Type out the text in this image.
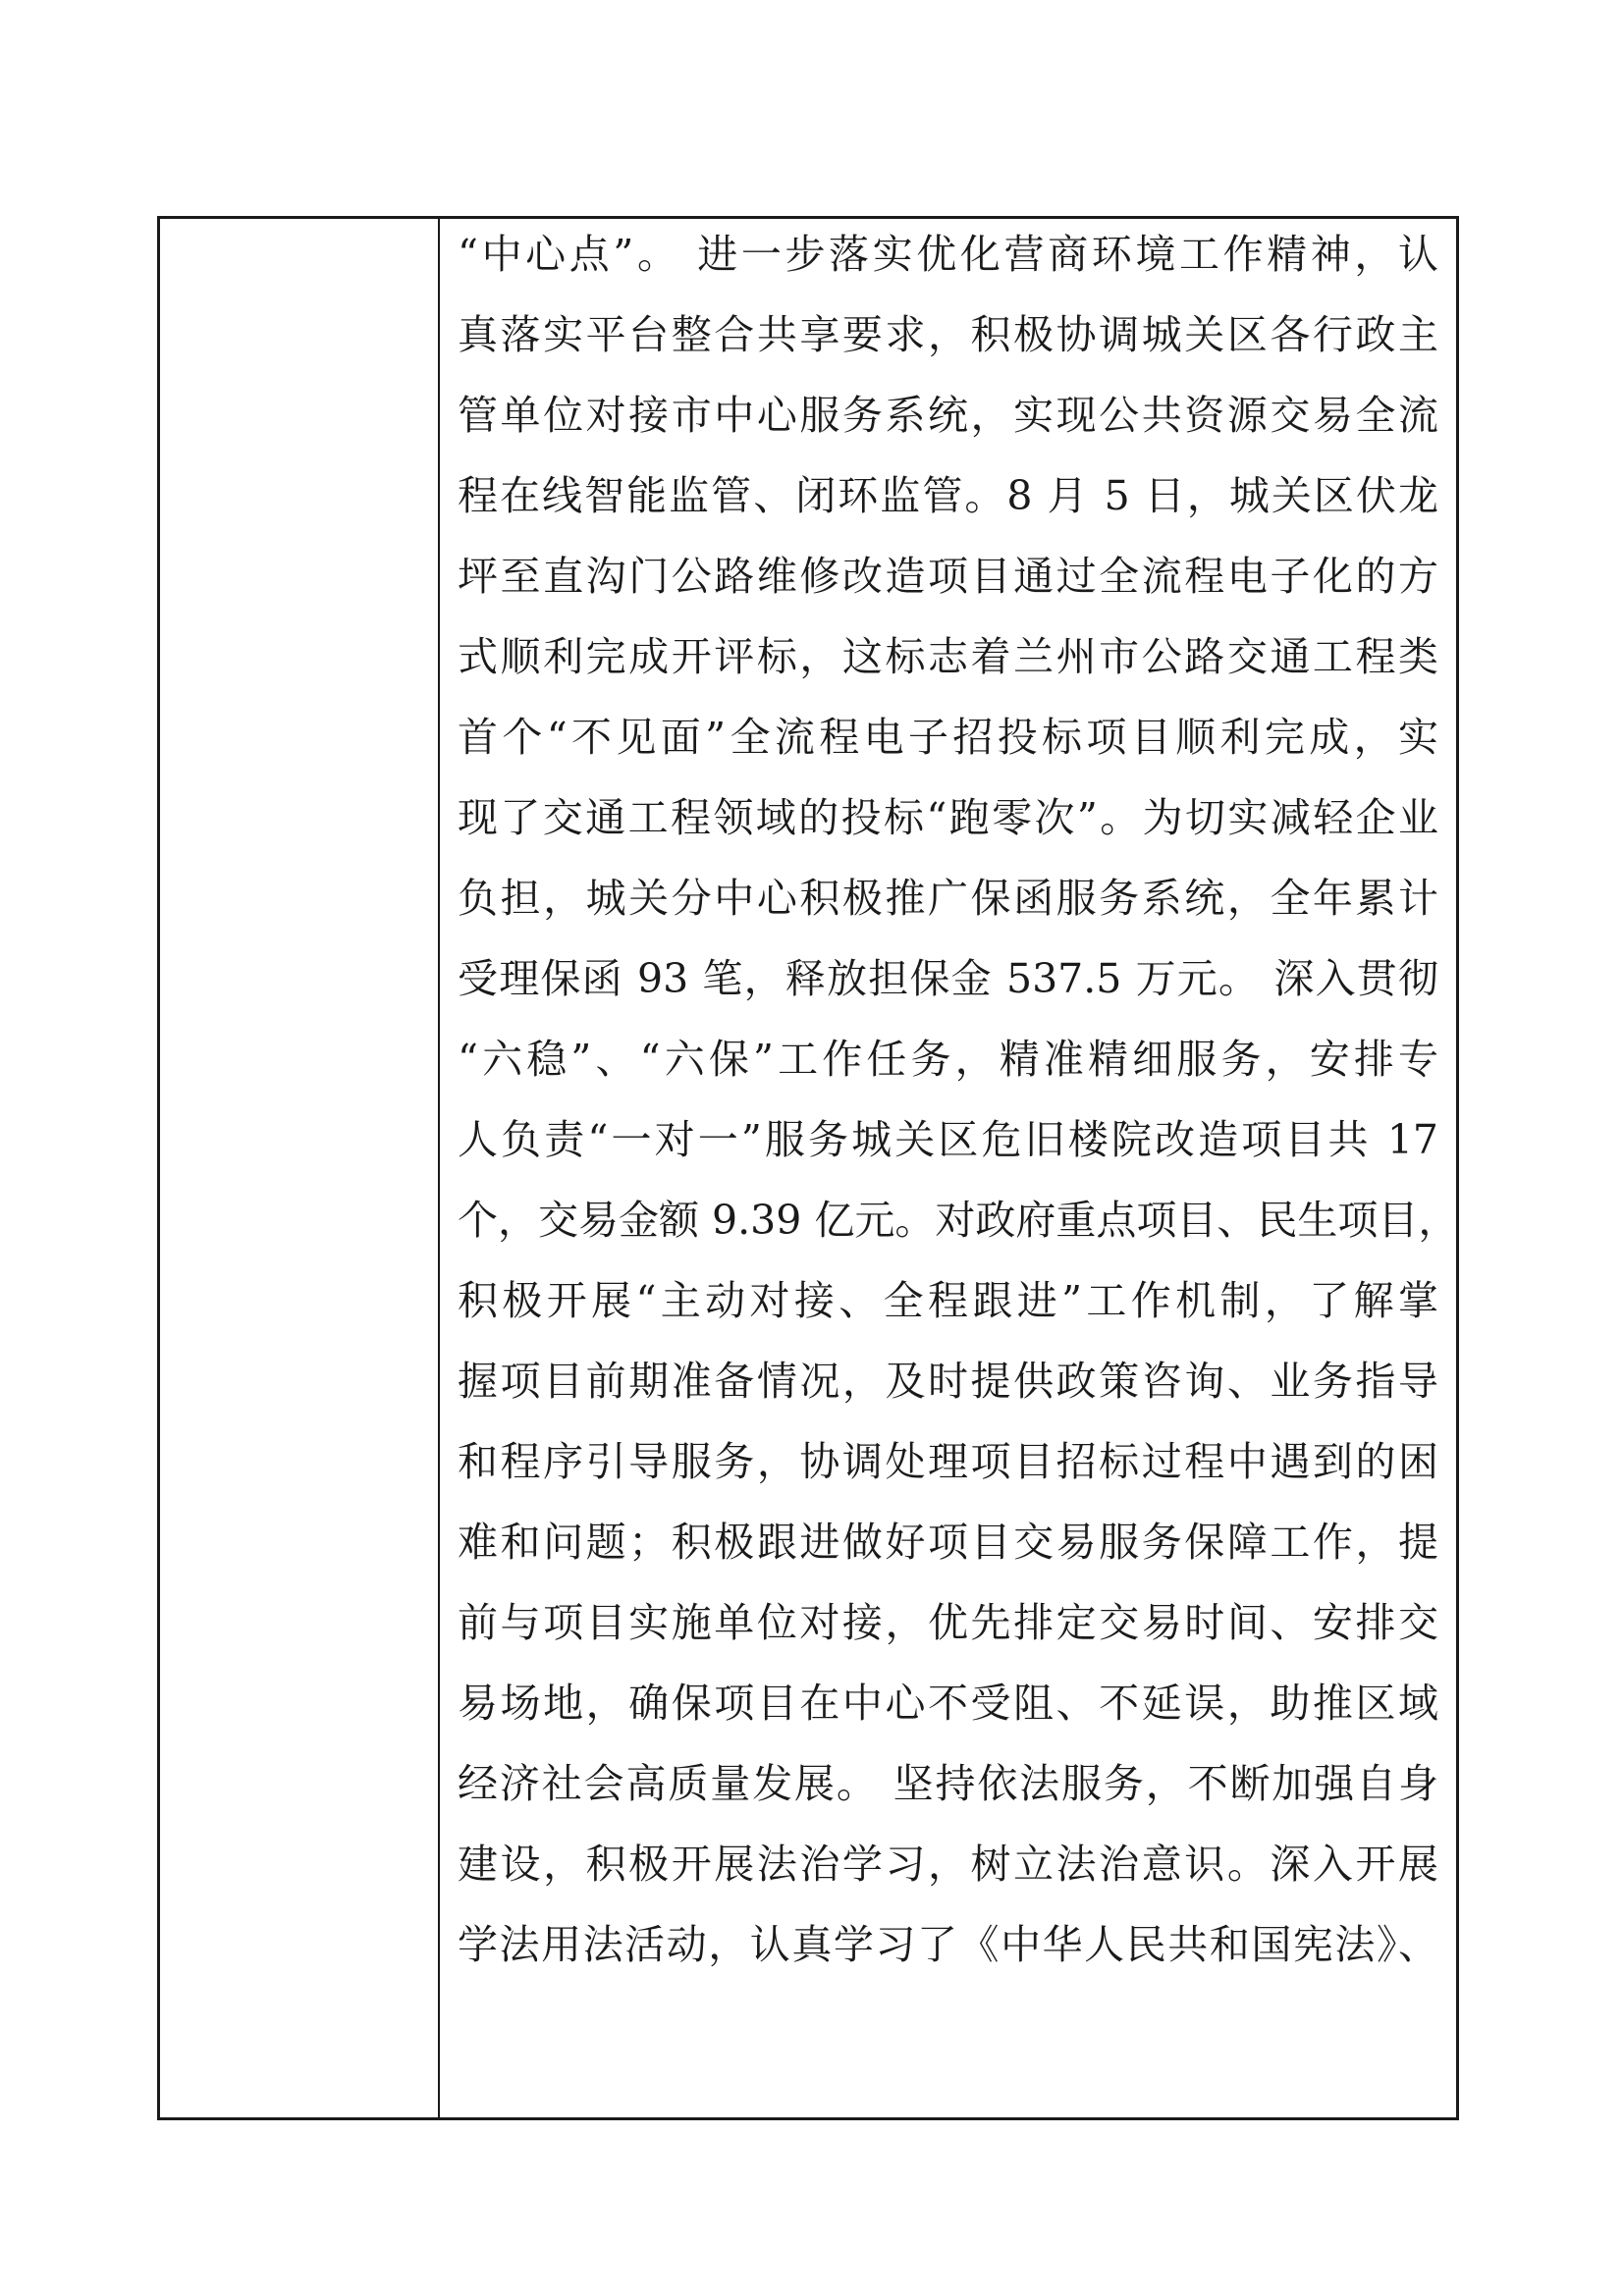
“中心点”。 进一步落实优化营商环境工作精神，认
真落实平台整合共享要求，积极协调城关区各行政主
管单位对接市中心服务系统，实现公共资源交易全流
程在线智能监管、闭环监管。8 月 5 日，城关区伏龙
坪至直沟门公路维修改造项目通过全流程电子化的方
式顺利完成开评标，这标志着兰州市公路交通工程类
首个“不见面”全流程电子招投标项目顺利完成，实
现了交通工程领域的投标“跑零次”。为切实减轻企业
负担，城关分中心积极推广保函服务系统，全年累计
受理保函 93 笔，释放担保金 537.5 万元。 深入贯彻
“六稳”、“六保”工作任务，精准精细服务，安排专
人负责“一对一”服务城关区危旧楼院改造项目共 17
个，交易金额 9.39 亿元。对政府重点项目、民生项目，
积极开展“主动对接、全程跟进”工作机制，了解掌
握项目前期准备情况，及时提供政策咨询、业务指导
和程序引导服务，协调处理项目招标过程中遇到的困
难和问题；积极跟进做好项目交易服务保障工作，提
前与项目实施单位对接，优先排定交易时间、安排交
易场地，确保项目在中心不受阻、不延误，助推区域
经济社会高质量发展。 坚持依法服务，不断加强自身
建设，积极开展法治学习，树立法治意识。深入开展
学法用法活动，认真学习了《中华人民共和国宪法》、
